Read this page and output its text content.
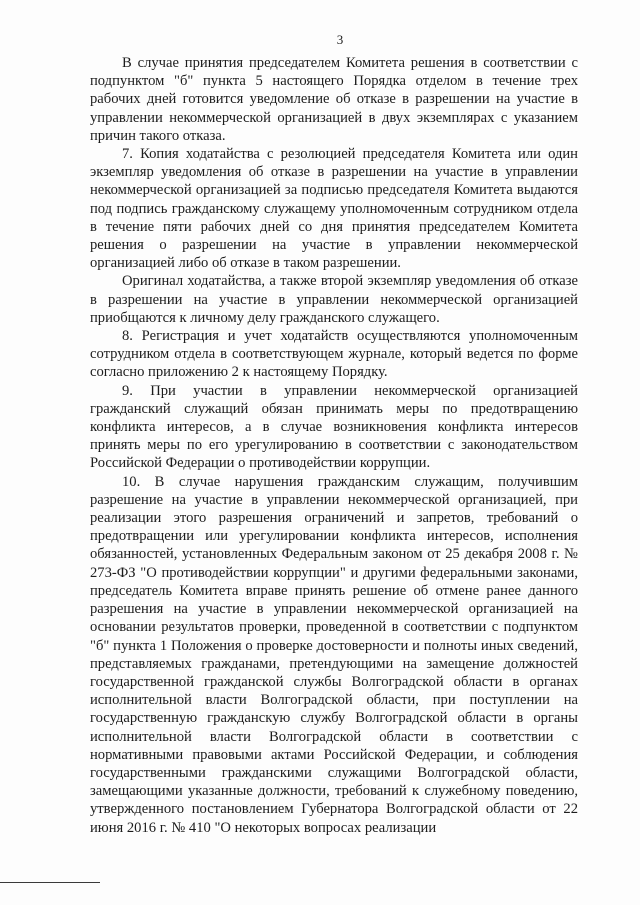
3

В случае принятия председателем Комитета решения в соответствии с подпунктом "б" пункта 5 настоящего Порядка отделом в течение трех рабочих дней готовится уведомление об отказе в разрешении на участие в управлении некоммерческой организацией в двух экземплярах с указанием причин такого отказа.

7. Копия ходатайства с резолюцией председателя Комитета или один экземпляр уведомления об отказе в разрешении на участие в управлении некоммерческой организацией за подписью председателя Комитета выдаются под подпись гражданскому служащему уполномоченным сотрудником отдела в течение пяти рабочих дней со дня принятия председателем Комитета решения о разрешении на участие в управлении некоммерческой организацией либо об отказе в таком разрешении.

Оригинал ходатайства, а также второй экземпляр уведомления об отказе в разрешении на участие в управлении некоммерческой организацией приобщаются к личному делу гражданского служащего.

8. Регистрация и учет ходатайств осуществляются уполномоченным сотрудником отдела в соответствующем журнале, который ведется по форме согласно приложению 2 к настоящему Порядку.

9. При участии в управлении некоммерческой организацией гражданский служащий обязан принимать меры по предотвращению конфликта интересов, а в случае возникновения конфликта интересов принять меры по его урегулированию в соответствии с законодательством Российской Федерации о противодействии коррупции.

10. В случае нарушения гражданским служащим, получившим разрешение на участие в управлении некоммерческой организацией, при реализации этого разрешения ограничений и запретов, требований о предотвращении или урегулировании конфликта интересов, исполнения обязанностей, установленных Федеральным законом от 25 декабря 2008 г. № 273-ФЗ "О противодействии коррупции" и другими федеральными законами, председатель Комитета вправе принять решение об отмене ранее данного разрешения на участие в управлении некоммерческой организацией на основании результатов проверки, проведенной в соответствии с подпунктом "б" пункта 1 Положения о проверке достоверности и полноты иных сведений, представляемых гражданами, претендующими на замещение должностей государственной гражданской службы Волгоградской области в органах исполнительной власти Волгоградской области, при поступлении на государственную гражданскую службу Волгоградской области в органы исполнительной власти Волгоградской области в соответствии с нормативными правовыми актами Российской Федерации, и соблюдения государственными гражданскими служащими Волгоградской области, замещающими указанные должности, требований к служебному поведению, утвержденного постановлением Губернатора Волгоградской области от 22 июня 2016 г. № 410 "О некоторых вопросах реализации
